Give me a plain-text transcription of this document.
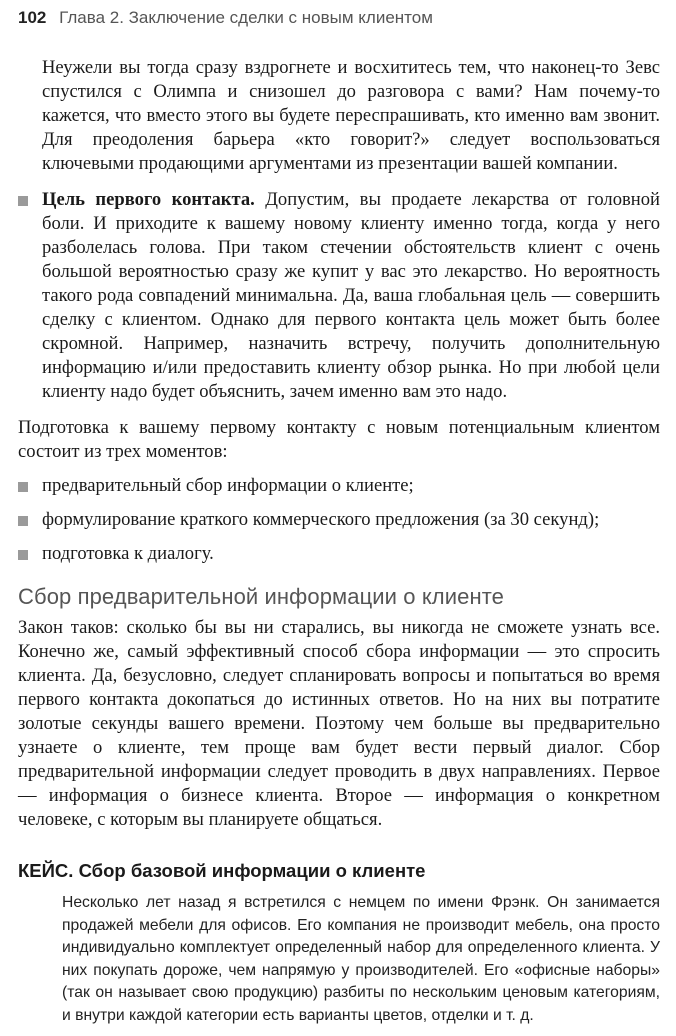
102 Глава 2. Заключение сделки с новым клиентом

Неужели вы тогда сразу вздрогнете и восхититесь тем, что наконец-то Зевс спустился с Олимпа и снизошел до разговора с вами? Нам почему-то кажется, что вместо этого вы будете переспрашивать, кто именно вам звонит. Для преодоления барьера «кто говорит?» следует воспользоваться ключевыми продающими аргументами из презентации вашей компании.

Цель первого контакта. Допустим, вы продаете лекарства от головной боли. И приходите к вашему новому клиенту именно тогда, когда у него разболелась голова. При таком стечении обстоятельств клиент с очень большой вероятностью сразу же купит у вас это лекарство. Но вероятность такого рода совпадений минимальна. Да, ваша глобальная цель — совершить сделку с клиентом. Однако для первого контакта цель может быть более скромной. Например, назначить встречу, получить дополнительную информацию и/или предоставить клиенту обзор рынка. Но при любой цели клиенту надо будет объяснить, зачем именно вам это надо.

Подготовка к вашему первому контакту с новым потенциальным клиентом состоит из трех моментов:

предварительный сбор информации о клиенте;

формулирование краткого коммерческого предложения (за 30 секунд);

подготовка к диалогу.

Сбор предварительной информации о клиенте

Закон таков: сколько бы вы ни старались, вы никогда не сможете узнать все. Конечно же, самый эффективный способ сбора информации — это спросить клиента. Да, безусловно, следует спланировать вопросы и попытаться во время первого контакта докопаться до истинных ответов. Но на них вы потратите золотые секунды вашего времени. Поэтому чем больше вы предварительно узнаете о клиенте, тем проще вам будет вести первый диалог. Сбор предварительной информации следует проводить в двух направлениях. Первое — информация о бизнесе клиента. Второе — информация о конкретном человеке, с которым вы планируете общаться.

КЕЙС. Сбор базовой информации о клиенте
Несколько лет назад я встретился с немцем по имени Фрэнк. Он занимается продажей мебели для офисов. Его компания не производит мебель, она просто индивидуально комплектует определенный набор для определенного клиента. У них покупать дороже, чем напрямую у производителей. Его «офисные наборы» (так он называет свою продукцию) разбиты по нескольким ценовым категориям, и внутри каждой категории есть варианты цветов, отделки и т. д.
